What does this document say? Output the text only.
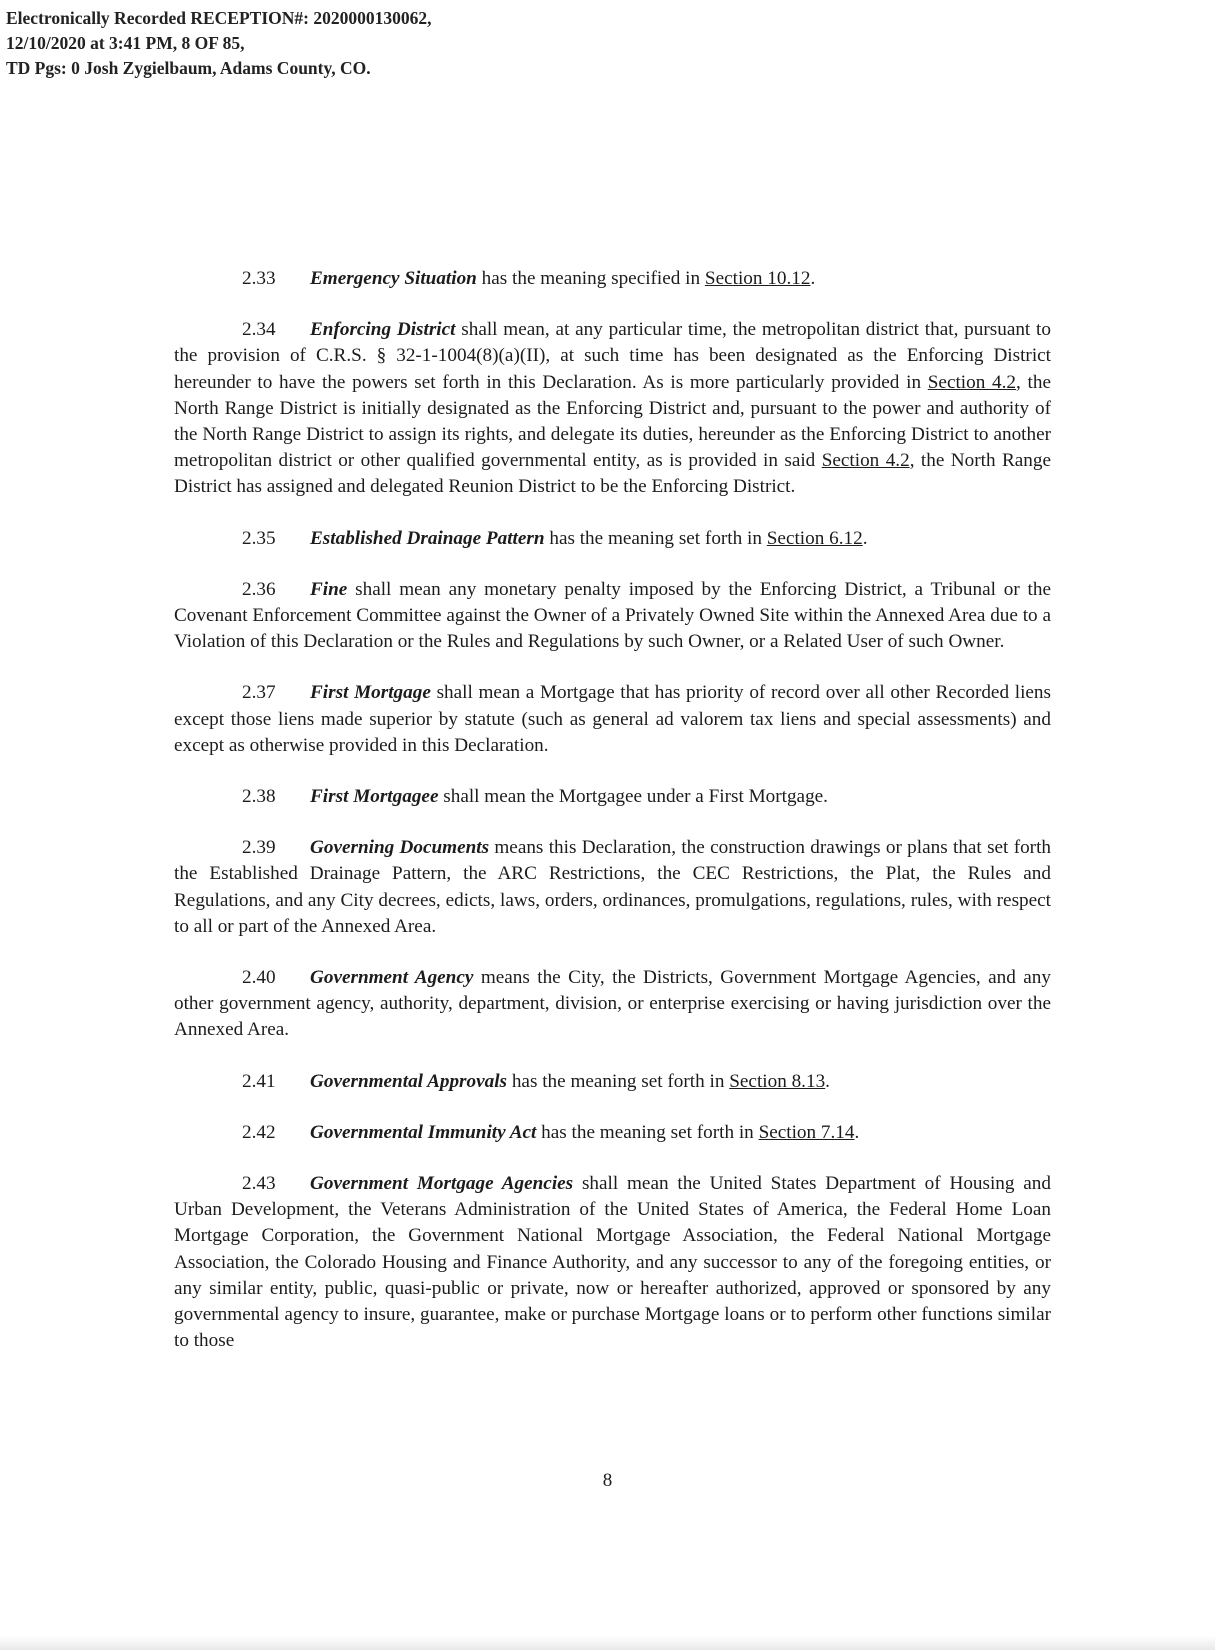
Electronically Recorded RECEPTION#: 2020000130062,
12/10/2020 at 3:41 PM, 8 OF 85,
TD Pgs: 0 Josh Zygielbaum, Adams County, CO.

2.33 Emergency Situation has the meaning specified in Section 10.12.

2.34 Enforcing District shall mean, at any particular time, the metropolitan district that, pursuant to the provision of C.R.S. § 32-1-1004(8)(a)(II), at such time has been designated as the Enforcing District hereunder to have the powers set forth in this Declaration. As is more particularly provided in Section 4.2, the North Range District is initially designated as the Enforcing District and, pursuant to the power and authority of the North Range District to assign its rights, and delegate its duties, hereunder as the Enforcing District to another metropolitan district or other qualified governmental entity, as is provided in said Section 4.2, the North Range District has assigned and delegated Reunion District to be the Enforcing District.

2.35 Established Drainage Pattern has the meaning set forth in Section 6.12.

2.36 Fine shall mean any monetary penalty imposed by the Enforcing District, a Tribunal or the Covenant Enforcement Committee against the Owner of a Privately Owned Site within the Annexed Area due to a Violation of this Declaration or the Rules and Regulations by such Owner, or a Related User of such Owner.

2.37 First Mortgage shall mean a Mortgage that has priority of record over all other Recorded liens except those liens made superior by statute (such as general ad valorem tax liens and special assessments) and except as otherwise provided in this Declaration.

2.38 First Mortgagee shall mean the Mortgagee under a First Mortgage.

2.39 Governing Documents means this Declaration, the construction drawings or plans that set forth the Established Drainage Pattern, the ARC Restrictions, the CEC Restrictions, the Plat, the Rules and Regulations, and any City decrees, edicts, laws, orders, ordinances, promulgations, regulations, rules, with respect to all or part of the Annexed Area.

2.40 Government Agency means the City, the Districts, Government Mortgage Agencies, and any other government agency, authority, department, division, or enterprise exercising or having jurisdiction over the Annexed Area.

2.41 Governmental Approvals has the meaning set forth in Section 8.13.

2.42 Governmental Immunity Act has the meaning set forth in Section 7.14.

2.43 Government Mortgage Agencies shall mean the United States Department of Housing and Urban Development, the Veterans Administration of the United States of America, the Federal Home Loan Mortgage Corporation, the Government National Mortgage Association, the Federal National Mortgage Association, the Colorado Housing and Finance Authority, and any successor to any of the foregoing entities, or any similar entity, public, quasi-public or private, now or hereafter authorized, approved or sponsored by any governmental agency to insure, guarantee, make or purchase Mortgage loans or to perform other functions similar to those

8
